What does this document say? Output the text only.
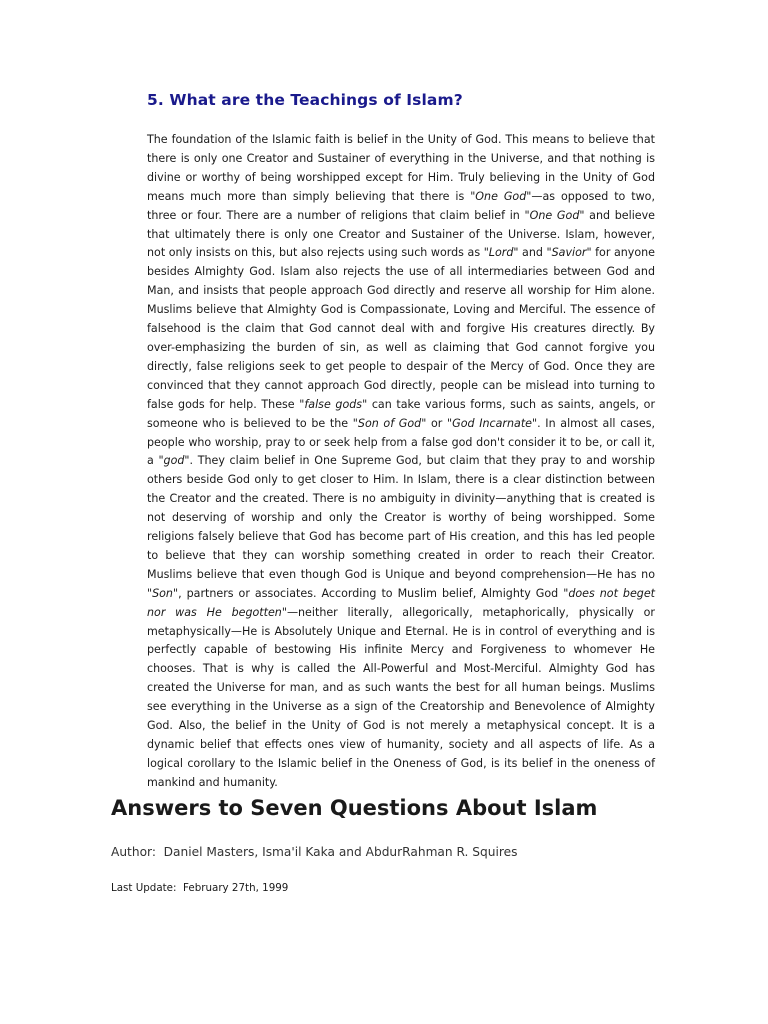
5. What are the Teachings of Islam?

The foundation of the Islamic faith is belief in the Unity of God. This means to believe that there is only one Creator and Sustainer of everything in the Universe, and that nothing is divine or worthy of being worshipped except for Him. Truly believing in the Unity of God means much more than simply believing that there is "One God"—as opposed to two, three or four. There are a number of religions that claim belief in "One God" and believe that ultimately there is only one Creator and Sustainer of the Universe. Islam, however, not only insists on this, but also rejects using such words as "Lord" and "Savior" for anyone besides Almighty God. Islam also rejects the use of all intermediaries between God and Man, and insists that people approach God directly and reserve all worship for Him alone. Muslims believe that Almighty God is Compassionate, Loving and Merciful. The essence of falsehood is the claim that God cannot deal with and forgive His creatures directly. By over-emphasizing the burden of sin, as well as claiming that God cannot forgive you directly, false religions seek to get people to despair of the Mercy of God. Once they are convinced that they cannot approach God directly, people can be mislead into turning to false gods for help. These "false gods" can take various forms, such as saints, angels, or someone who is believed to be the "Son of God" or "God Incarnate". In almost all cases, people who worship, pray to or seek help from a false god don't consider it to be, or call it, a "god". They claim belief in One Supreme God, but claim that they pray to and worship others beside God only to get closer to Him. In Islam, there is a clear distinction between the Creator and the created. There is no ambiguity in divinity—anything that is created is not deserving of worship and only the Creator is worthy of being worshipped. Some religions falsely believe that God has become part of His creation, and this has led people to believe that they can worship something created in order to reach their Creator. Muslims believe that even though God is Unique and beyond comprehension—He has no "Son", partners or associates. According to Muslim belief, Almighty God "does not beget nor was He begotten"—neither literally, allegorically, metaphorically, physically or metaphysically—He is Absolutely Unique and Eternal. He is in control of everything and is perfectly capable of bestowing His infinite Mercy and Forgiveness to whomever He chooses. That is why is called the All-Powerful and Most-Merciful. Almighty God has created the Universe for man, and as such wants the best for all human beings. Muslims see everything in the Universe as a sign of the Creatorship and Benevolence of Almighty God. Also, the belief in the Unity of God is not merely a metaphysical concept. It is a dynamic belief that effects ones view of humanity, society and all aspects of life. As a logical corollary to the Islamic belief in the Oneness of God, is its belief in the oneness of mankind and humanity.

Answers to Seven Questions About Islam

Author:  Daniel Masters, Isma'il Kaka and AbdurRahman R. Squires

Last Update:  February 27th, 1999
